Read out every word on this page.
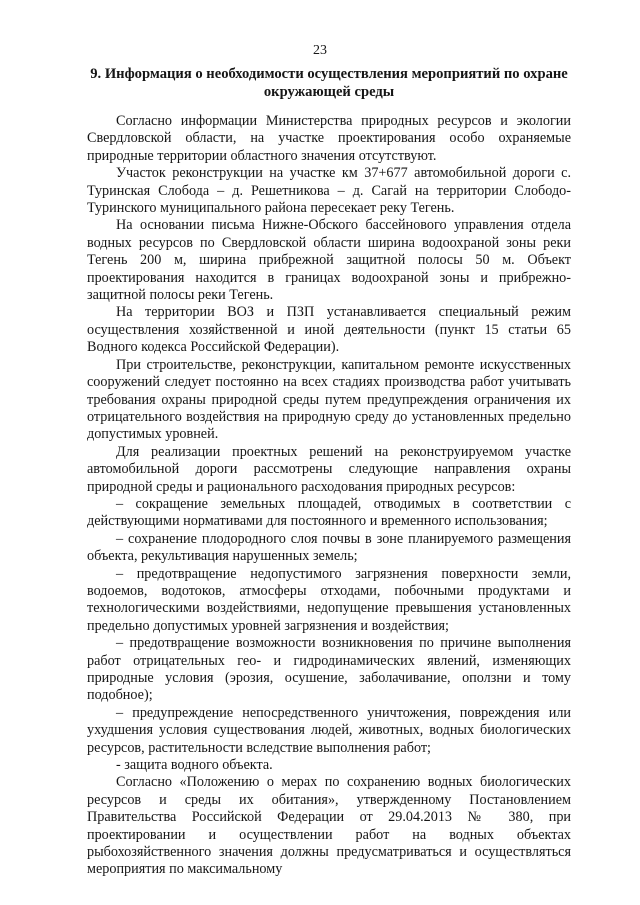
23
9. Информация о необходимости осуществления мероприятий по охране окружающей среды

Согласно информации Министерства природных ресурсов и экологии Свердловской области, на участке проектирования особо охраняемые природные территории областного значения отсутствуют.

Участок реконструкции на участке км 37+677 автомобильной дороги с. Туринская Слобода – д. Решетникова – д. Сагай на территории Слободо-Туринского муниципального района пересекает реку Тегень.

На основании письма Нижне-Обского бассейнового управления отдела водных ресурсов по Свердловской области ширина водоохраной зоны реки Тегень 200 м, ширина прибрежной защитной полосы 50 м. Объект проектирования находится в границах водоохраной зоны и прибрежно-защитной полосы реки Тегень.

На территории ВОЗ и ПЗП устанавливается специальный режим осуществления хозяйственной и иной деятельности (пункт 15 статьи 65 Водного кодекса Российской Федерации).

При строительстве, реконструкции, капитальном ремонте искусственных сооружений следует постоянно на всех стадиях производства работ учитывать требования охраны природной среды путем предупреждения ограничения их отрицательного воздействия на природную среду до установленных предельно допустимых уровней.

Для реализации проектных решений на реконструируемом участке автомобильной дороги рассмотрены следующие направления охраны природной среды и рационального расходования природных ресурсов:

– сокращение земельных площадей, отводимых в соответствии с действующими нормативами для постоянного и временного использования;

– сохранение плодородного слоя почвы в зоне планируемого размещения объекта, рекультивация нарушенных земель;

– предотвращение недопустимого загрязнения поверхности земли, водоемов, водотоков, атмосферы отходами, побочными продуктами и технологическими воздействиями, недопущение превышения установленных предельно допустимых уровней загрязнения и воздействия;

– предотвращение возможности возникновения по причине выполнения работ отрицательных гео- и гидродинамических явлений, изменяющих природные условия (эрозия, осушение, заболачивание, оползни и тому подобное);

– предупреждение непосредственного уничтожения, повреждения или ухудшения условия существования людей, животных, водных биологических ресурсов, растительности вследствие выполнения работ;

- защита водного объекта.

Согласно «Положению о мерах по сохранению водных биологических ресурсов и среды их обитания», утвержденному Постановлением Правительства Российской Федерации от 29.04.2013 № 380, при проектировании и осуществлении работ на водных объектах рыбохозяйственного значения должны предусматриваться и осуществляться мероприятия по максимальному
